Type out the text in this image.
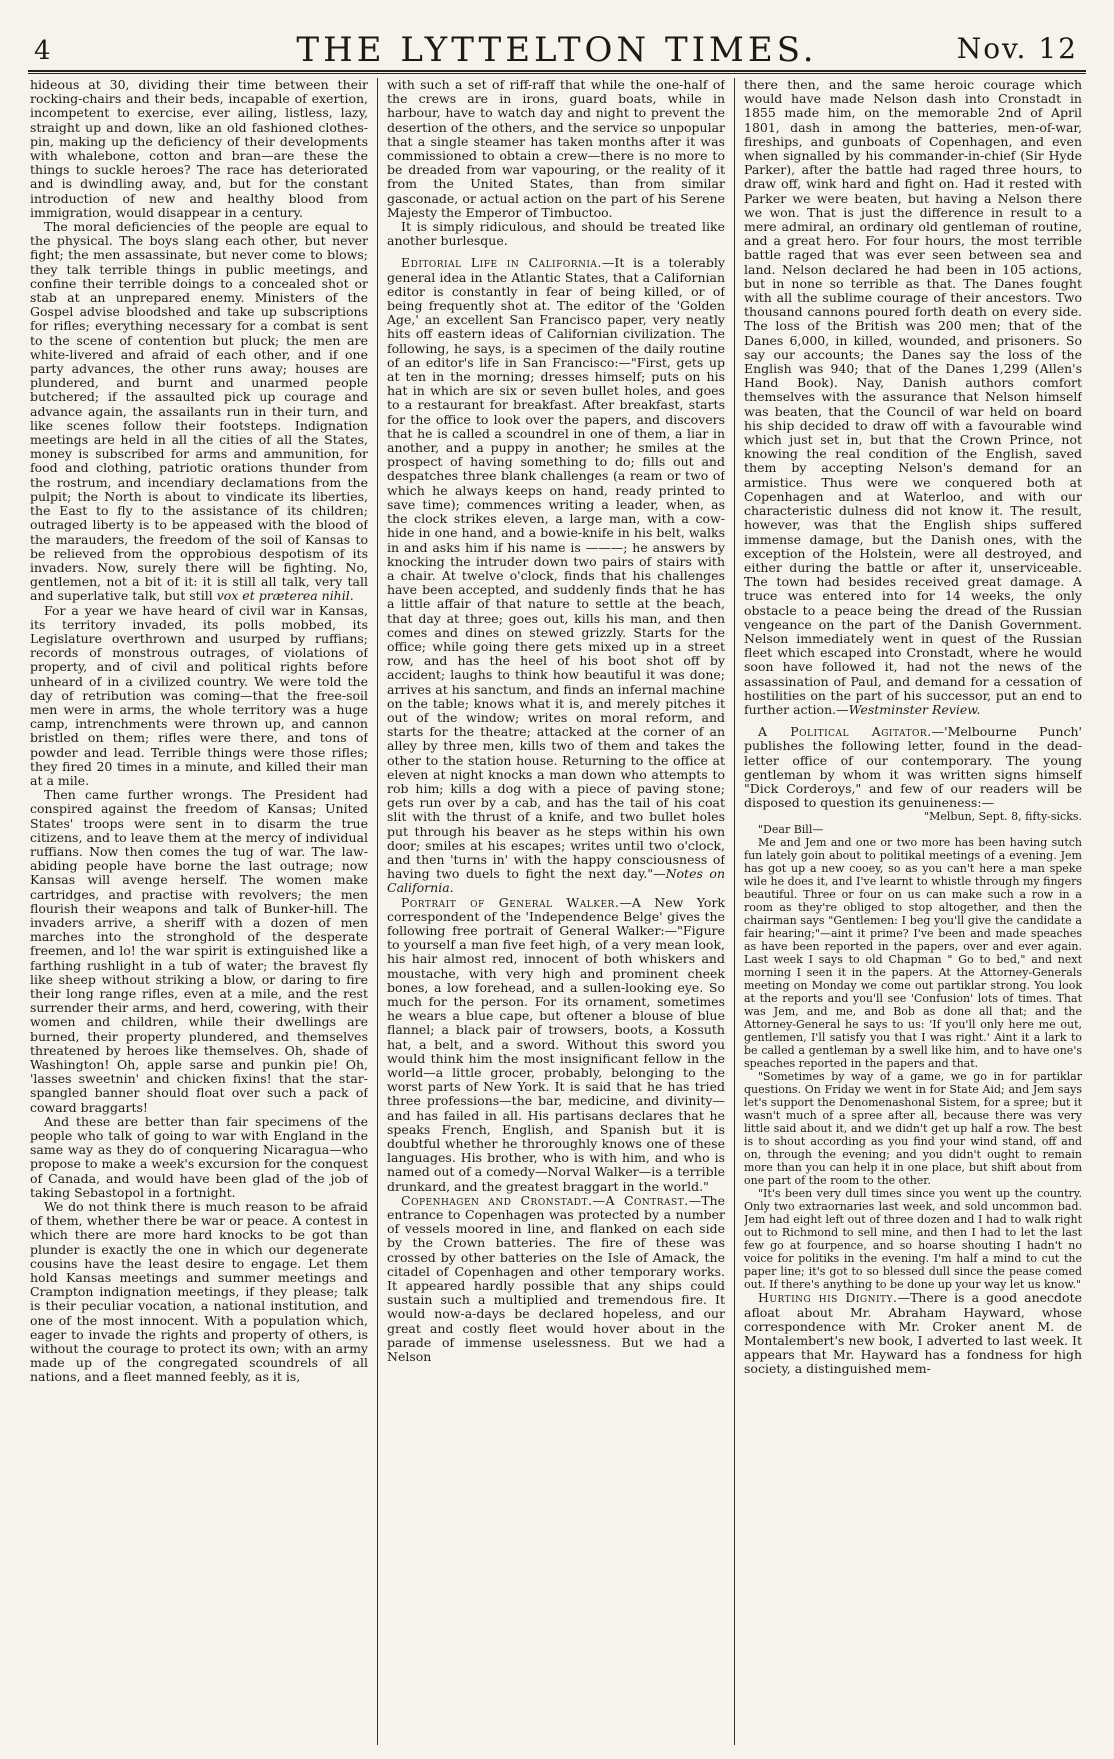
4	THE LYTTELTON TIMES.	Nov. 12

hideous at 30, dividing their time between their rocking-chairs and their beds, incapable of exertion, incompetent to exercise, ever ailing, listless, lazy, straight up and down, like an old fashioned clothes-pin, making up the deficiency of their developments with whalebone, cotton and bran—are these the things to suckle heroes? The race has deteriorated and is dwindling away, and, but for the constant introduction of new and healthy blood from immigration, would disappear in a century.

The moral deficiencies of the people are equal to the physical. The boys slang each other, but never fight; the men assassinate, but never come to blows; they talk terrible things in public meetings, and confine their terrible doings to a concealed shot or stab at an unprepared enemy. Ministers of the Gospel advise bloodshed and take up subscriptions for rifles; everything necessary for a combat is sent to the scene of contention but pluck; the men are white-livered and afraid of each other, and if one party advances, the other runs away; houses are plundered, and burnt and unarmed people butchered; if the assaulted pick up courage and advance again, the assailants run in their turn, and like scenes follow their footsteps. Indignation meetings are held in all the cities of all the States, money is subscribed for arms and ammunition, for food and clothing, patriotic orations thunder from the rostrum, and incendiary declamations from the pulpit; the North is about to vindicate its liberties, the East to fly to the assistance of its children; outraged liberty is to be appeased with the blood of the marauders, the freedom of the soil of Kansas to be relieved from the opprobious despotism of its invaders. Now, surely there will be fighting. No, gentlemen, not a bit of it: it is still all talk, very tall and superlative talk, but still vox et præterea nihil.

For a year we have heard of civil war in Kansas, its territory invaded, its polls mobbed, its Legislature overthrown and usurped by ruffians; records of monstrous outrages, of violations of property, and of civil and political rights before unheard of in a civilized country. We were told the day of retribution was coming—that the free-soil men were in arms, the whole territory was a huge camp, intrenchments were thrown up, and cannon bristled on them; rifles were there, and tons of powder and lead. Terrible things were those rifles; they fired 20 times in a minute, and killed their man at a mile.

Then came further wrongs. The President had conspired against the freedom of Kansas; United States' troops were sent in to disarm the true citizens, and to leave them at the mercy of individual ruffians. Now then comes the tug of war. The law-abiding people have borne the last outrage; now Kansas will avenge herself. The women make cartridges, and practise with revolvers; the men flourish their weapons and talk of Bunker-hill. The invaders arrive, a sheriff with a dozen of men marches into the stronghold of the desperate freemen, and lo! the war spirit is extinguished like a farthing rushlight in a tub of water; the bravest fly like sheep without striking a blow, or daring to fire their long range rifles, even at a mile, and the rest surrender their arms, and herd, cowering, with their women and children, while their dwellings are burned, their property plundered, and themselves threatened by heroes like themselves. Oh, shade of Washington! Oh, apple sarse and punkin pie! Oh, 'lasses sweetnin' and chicken fixins! that the star-spangled banner should float over such a pack of coward braggarts!

And these are better than fair specimens of the people who talk of going to war with England in the same way as they do of conquering Nicaragua—who propose to make a week's excursion for the conquest of Canada, and would have been glad of the job of taking Sebastopol in a fortnight.

We do not think there is much reason to be afraid of them, whether there be war or peace. A contest in which there are more hard knocks to be got than plunder is exactly the one in which our degenerate cousins have the least desire to engage. Let them hold Kansas meetings and summer meetings and Crampton indignation meetings, if they please; talk is their peculiar vocation, a national institution, and one of the most innocent. With a population which, eager to invade the rights and property of others, is without the courage to protect its own; with an army made up of the congregated scoundrels of all nations, and a fleet manned feebly, as it is,

with such a set of riff-raff that while the one-half of the crews are in irons, guard boats, while in harbour, have to watch day and night to prevent the desertion of the others, and the service so unpopular that a single steamer has taken months after it was commissioned to obtain a crew—there is no more to be dreaded from war vapouring, or the reality of it from the United States, than from similar gasconade, or actual action on the part of his Serene Majesty the Emperor of Timbuctoo.

It is simply ridiculous, and should be treated like another burlesque.

Editorial Life in California.—It is a tolerably general idea in the Atlantic States, that a Californian editor is constantly in fear of being killed, or of being frequently shot at. The editor of the 'Golden Age,' an excellent San Francisco paper, very neatly hits off eastern ideas of Californian civilization. The following, he says, is a specimen of the daily routine of an editor's life in San Francisco:—"First, gets up at ten in the morning; dresses himself; puts on his hat in which are six or seven bullet holes, and goes to a restaurant for breakfast. After breakfast, starts for the office to look over the papers, and discovers that he is called a scoundrel in one of them, a liar in another, and a puppy in another; he smiles at the prospect of having something to do; fills out and despatches three blank challenges (a ream or two of which he always keeps on hand, ready printed to save time); commences writing a leader, when, as the clock strikes eleven, a large man, with a cow-hide in one hand, and a bowie-knife in his belt, walks in and asks him if his name is ———; he answers by knocking the intruder down two pairs of stairs with a chair. At twelve o'clock, finds that his challenges have been accepted, and suddenly finds that he has a little affair of that nature to settle at the beach, that day at three; goes out, kills his man, and then comes and dines on stewed grizzly. Starts for the office; while going there gets mixed up in a street row, and has the heel of his boot shot off by accident; laughs to think how beautiful it was done; arrives at his sanctum, and finds an infernal machine on the table; knows what it is, and merely pitches it out of the window; writes on moral reform, and starts for the theatre; attacked at the corner of an alley by three men, kills two of them and takes the other to the station house. Returning to the office at eleven at night knocks a man down who attempts to rob him; kills a dog with a piece of paving stone; gets run over by a cab, and has the tail of his coat slit with the thrust of a knife, and two bullet holes put through his beaver as he steps within his own door; smiles at his escapes; writes until two o'clock, and then 'turns in' with the happy consciousness of having two duels to fight the next day."—Notes on California.

Portrait of General Walker.—A New York correspondent of the 'Independence Belge' gives the following free portrait of General Walker:—"Figure to yourself a man five feet high, of a very mean look, his hair almost red, innocent of both whiskers and moustache, with very high and prominent cheek bones, a low forehead, and a sullen-looking eye. So much for the person. For its ornament, sometimes he wears a blue cape, but oftener a blouse of blue flannel; a black pair of trowsers, boots, a Kossuth hat, a belt, and a sword. Without this sword you would think him the most insignificant fellow in the world—a little grocer, probably, belonging to the worst parts of New York. It is said that he has tried three professions—the bar, medicine, and divinity—and has failed in all. His partisans declares that he speaks French, English, and Spanish but it is doubtful whether he throroughly knows one of these languages. His brother, who is with him, and who is named out of a comedy—Norval Walker—is a terrible drunkard, and the greatest braggart in the world."

Copenhagen and Cronstadt.—A Contrast.—The entrance to Copenhagen was protected by a number of vessels moored in line, and flanked on each side by the Crown batteries. The fire of these was crossed by other batteries on the Isle of Amack, the citadel of Copenhagen and other temporary works. It appeared hardly possible that any ships could sustain such a multiplied and tremendous fire. It would now-a-days be declared hopeless, and our great and costly fleet would hover about in the parade of immense uselessness. But we had a Nelson

there then, and the same heroic courage which would have made Nelson dash into Cronstadt in 1855 made him, on the memorable 2nd of April 1801, dash in among the batteries, men-of-war, fireships, and gunboats of Copenhagen, and even when signalled by his commander-in-chief (Sir Hyde Parker), after the battle had raged three hours, to draw off, wink hard and fight on. Had it rested with Parker we were beaten, but having a Nelson there we won. That is just the difference in result to a mere admiral, an ordinary old gentleman of routine, and a great hero. For four hours, the most terrible battle raged that was ever seen between sea and land. Nelson declared he had been in 105 actions, but in none so terrible as that. The Danes fought with all the sublime courage of their ancestors. Two thousand cannons poured forth death on every side. The loss of the British was 200 men; that of the Danes 6,000, in killed, wounded, and prisoners. So say our accounts; the Danes say the loss of the English was 940; that of the Danes 1,299 (Allen's Hand Book). Nay, Danish authors comfort themselves with the assurance that Nelson himself was beaten, that the Council of war held on board his ship decided to draw off with a favourable wind which just set in, but that the Crown Prince, not knowing the real condition of the English, saved them by accepting Nelson's demand for an armistice. Thus were we conquered both at Copenhagen and at Waterloo, and with our characteristic dulness did not know it. The result, however, was that the English ships suffered immense damage, but the Danish ones, with the exception of the Holstein, were all destroyed, and either during the battle or after it, unserviceable. The town had besides received great damage. A truce was entered into for 14 weeks, the only obstacle to a peace being the dread of the Russian vengeance on the part of the Danish Government. Nelson immediately went in quest of the Russian fleet which escaped into Cronstadt, where he would soon have followed it, had not the news of the assassination of Paul, and demand for a cessation of hostilities on the part of his successor, put an end to further action.—Westminster Review.

A Political Agitator.—'Melbourne Punch' publishes the following letter, found in the dead-letter office of our contemporary. The young gentleman by whom it was written signs himself "Dick Corderoys," and few of our readers will be disposed to question its genuineness:—

"Melbun, Sept. 8, fifty-sicks.

"Dear Bill—

Me and Jem and one or two more has been having sutch fun lately goin about to politikal meetings of a evening. Jem has got up a new cooey, so as you can't here a man speke wile he does it, and I've learnt to whistle through my fingers beautiful. Three or four on us can make such a row in a room as they're obliged to stop altogether, and then the chairman says "Gentlemen: I beg you'll give the candidate a fair hearing;"—aint it prime? I've been and made speaches as have been reported in the papers, over and ever again. Last week I says to old Chapman " Go to bed," and next morning I seen it in the papers. At the Attorney-Generals meeting on Monday we come out partiklar strong. You look at the reports and you'll see 'Confusion' lots of times. That was Jem, and me, and Bob as done all that; and the Attorney-General he says to us: 'If you'll only here me out, gentlemen, I'll satisfy you that I was right.' Aint it a lark to be called a gentleman by a swell like him, and to have one's speaches reported in the papers and that.

"Sometimes by way of a game, we go in for partiklar questions. On Friday we went in for State Aid; and Jem says let's support the Denomenashonal Sistem, for a spree; but it wasn't much of a spree after all, because there was very little said about it, and we didn't get up half a row. The best is to shout according as you find your wind stand, off and on, through the evening; and you didn't ought to remain more than you can help it in one place, but shift about from one part of the room to the other.

"It's been very dull times since you went up the country. Only two extraornaries last week, and sold uncommon bad. Jem had eight left out of three dozen and I had to walk right out to Richmond to sell mine, and then I had to let the last few go at fourpence, and so hoarse shouting I hadn't no voice for politiks in the evening. I'm half a mind to cut the paper line; it's got to so blessed dull since the pease comed out. If there's anything to be done up your way let us know."

Hurting his Dignity.—There is a good anecdote afloat about Mr. Abraham Hayward, whose correspondence with Mr. Croker anent M. de Montalembert's new book, I adverted to last week. It appears that Mr. Hayward has a fondness for high society, a distinguished mem-
